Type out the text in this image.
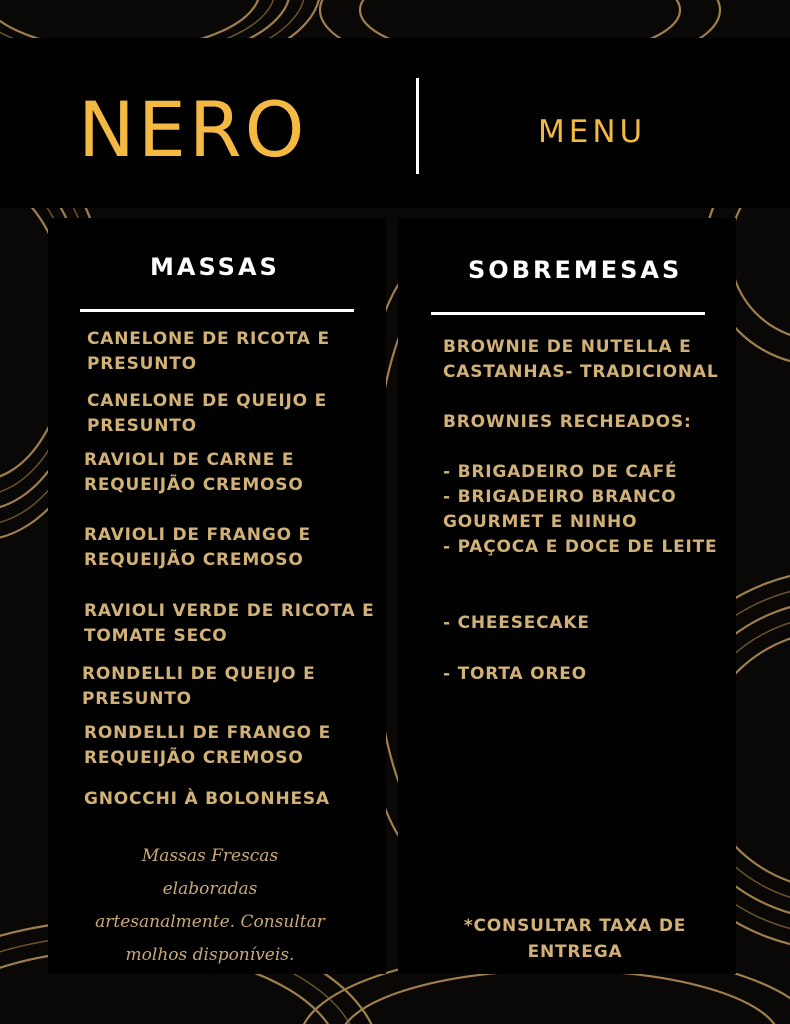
NERO	MENU
MASSAS
CANELONE DE RICOTA E
PRESUNTO
CANELONE DE QUEIJO E
PRESUNTO
RAVIOLI DE CARNE E
REQUEIJÃO CREMOSO
RAVIOLI DE FRANGO E
REQUEIJÃO CREMOSO
RAVIOLI VERDE DE RICOTA E
TOMATE SECO
RONDELLI DE QUEIJO E
PRESUNTO
RONDELLI DE FRANGO E
REQUEIJÃO CREMOSO
GNOCCHI À BOLONHESA
Massas Frescas
elaboradas
artesanalmente. Consultar
molhos disponíveis.
SOBREMESAS
BROWNIE DE NUTELLA E
CASTANHAS- TRADICIONAL
BROWNIES RECHEADOS:
- BRIGADEIRO DE CAFÉ
- BRIGADEIRO BRANCO
GOURMET E NINHO
- PAÇOCA E DOCE DE LEITE
- CHEESECAKE
- TORTA OREO
*CONSULTAR TAXA DE
ENTREGA
